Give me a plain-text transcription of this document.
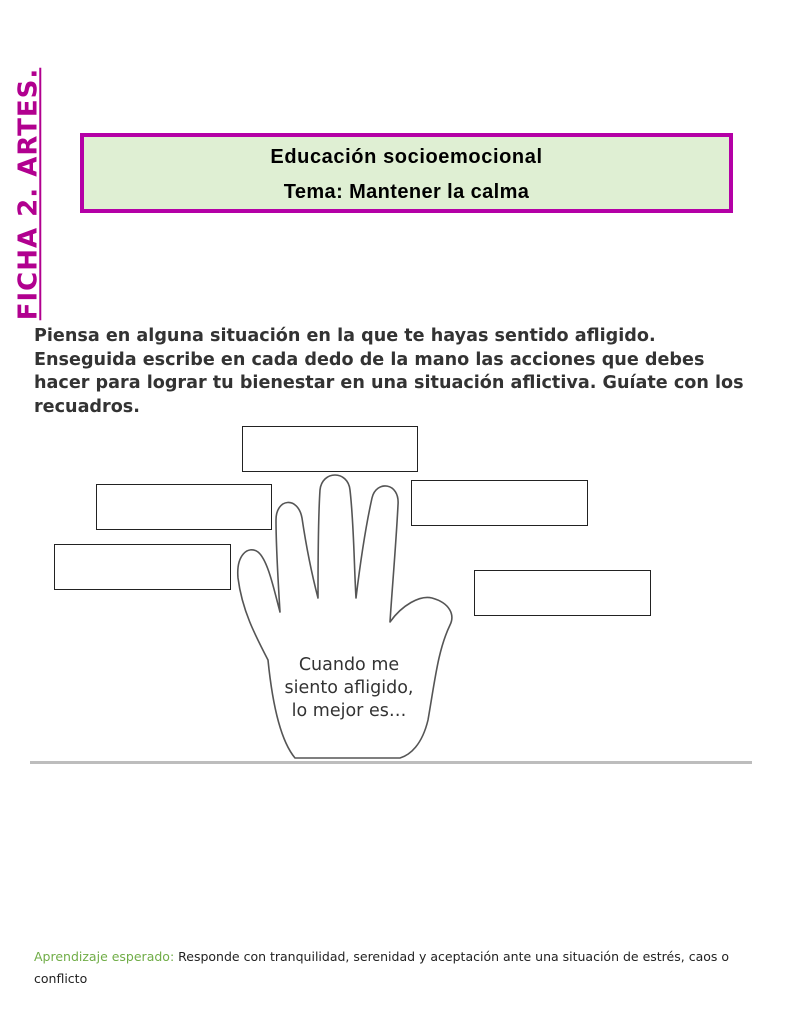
FICHA 2. ARTES.	Educación socioemocional
Tema: Mantener la calma

Piensa en alguna situación en la que te hayas sentido afligido. Enseguida escribe en cada dedo de la mano las acciones que debes hacer para lograr tu bienestar en una situación aflictiva. Guíate con los recuadros.

Cuando me
siento afligido,
lo mejor es…
Aprendizaje esperado: Responde con tranquilidad, serenidad y aceptación ante una situación de estrés, caos o conflicto
